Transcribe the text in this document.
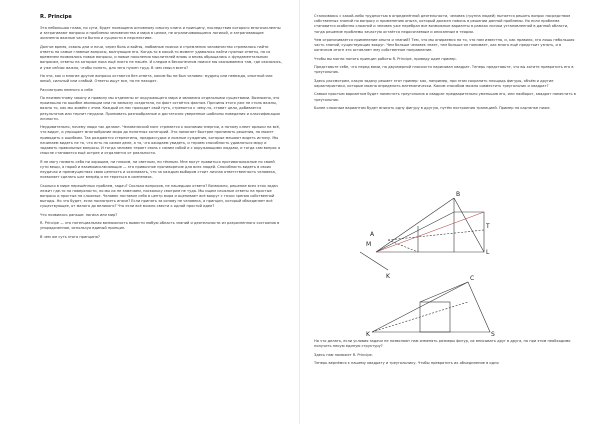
R. Principe

Эта небольшая глава, по сути, будет посвящена основному смыслу книги и принципу, последствия которого многочисленны и затрагивают вопросы и проблемы человечества и мира в целом, не ограничивающиеся логикой, и затрагивающие жизненно важные части бытия и сущности в перспективе.

Долгое время, сквозь дни и ночи, через боль и войны, любовные поиски и стремления человечество стремилось найти ответы на самые главные вопросы, волнующие его. Когда-то в какой-то момент удавалось найти нужные ответы, но со временем появлялись новые вопросы, и новые поколения мыслителей вновь и вновь обращались к фундаментальным вопросам, ответы на которые пока ещё никто не нашёл. И следом в бесконечном поиске мы оказываемся там, где оказались, и уже сейчас важно, чтобы понять, для чего нужен труд. В чем смысл всего?

Но эти, как и многие другие вопросы остаются без ответа, каким бы ни был человек: мудрец или невежда, опытный или юный, сильный или слабый. Ответы ищут все, но не находят.

Рассмотрим немного о себе

По неизвестному закону и правилу мы отделены от окружающего мира и являемся отдельными существами. Возможно, это произошло по ошибке эволюции или по замыслу создателя, но факт остаётся фактом. Причины этого уже не столь важны, важно то, как мы живём с этим. Каждый из нас проходит свой путь, стремится к чему-то, ставит цели, добивается результатов или терпит неудачи. Принимать разнообразные и достаточно уверенные шаблоны поведения и классификации личности.

Неудивительно, почему люди так делают. Человеческий мозг стремится к экономии энергии, а потому клеит ярлыки на всё, что видит, и упрощает многообразие мира до понятных категорий. Это помогает быстрее принимать решения, но может приводить к ошибкам. Так рождаются стереотипы, предрассудки и ложные суждения, которые мешают видеть истину. Мы начинаем видеть не то, что есть на самом деле, а то, что ожидаем увидеть, и теряем способность удивляться миру и задавать правильные вопросы. И тогда человек теряет связь с самим собой и с окружающими людьми, и тогда сам вопрос о смысле становится ещё острее и отдаляется от реальности.

Я не могу назвать себя ни хорошим, ни плохим, ни светлым, ни тёмным. Мне могут нравиться противоположные по своей сути вещи, а порой и взаимоисключающие — это привычное противоречие для всех людей. Способность видеть в своих неудачах и преимуществах свою ценность и осознавать, что за каждым выбором стоит личная ответственность человека, позволяет сделать шаг вперёд и не теряться в сомнениях.

Сколько в мире нерешённых проблем, задач? Сколько вопросов, не нашедших ответа? Возможно, решение всех этих задач лежит где-то на поверхности, но мы их не замечаем, поскольку смотрим не туда. Мы ищем сложные ответы на простые вопросы и простые на сложные. Человек поставил себя в центр мира и оценивает всё вокруг с точки зрения собственной выгоды. Но что будет, если посмотреть иначе? Если принять за основу не человека, а принцип, который объединяет всё существующее, от малого до великого? Что если всё можно свести к одной простой идее?

Что появилось раньше: логика или мир?

R. Principe — это потенциальная возможность вывести любую область знаний и деятельности из разрозненного состояния в упорядоченное, используя единый принцип.

В чем же суть этого принципа?

Сталкиваясь с какой-либо трудностью в определённой деятельности, человек (группа людей) пытается решить вопрос посредством собственных знаний по вопросу и применению опыта, который должен помочь в решении данной проблемы. Но если проблема становится особенно сложной и человек уже перебрал все возможные варианты в рамках логики установленной в данной области, тогда решение проблемы зачастую остаётся недосягаемым и описанным в теории.

Чем ограничивается применение опыта и знаний? Тем, что мы опираемся на то, что нам известно, и, как правило, это лишь небольшая часть знаний, существующих вокруг. Чем больше человек знает, тем больше он понимает, как много ещё предстоит узнать, и в конечном итоге это оставляет ему собственное направление.

Чтобы вы могли понять принцип работы R. Principe, приведу один пример.

Представьте себе, что перед вами, на двухмерной плоскости нарисован квадрат. Теперь представьте, что вы хотите превратить его в треугольник.

Здесь рассмотрим, какую задачу решает этот пример: как, например, при этом сохранить площадь фигуры, объём и другие характеристики, которые можно определить математически. Каким способом можно совместить треугольник и квадрат?

Самым простым вариантом будет поместить треугольник в квадрат предварительно уменьшив его, или наоборот, квадрат поместить в треугольник.

Более сложным вариантом будет вписать одну фигуру в другую, путём построения трапецией. Пример на картинке ниже.

B
A
M
T
L
K	C
K	S

Но что делать, если условия задачи не позволяют нам изменять размеры фигур, их вписывать друг в друга, но при этом необходимо получить некую единую структуру?

Здесь нам поможет R. Principe.

Теперь вернёмся к нашему квадрату и треугольнику. Чтобы превратить их объединение в одно
